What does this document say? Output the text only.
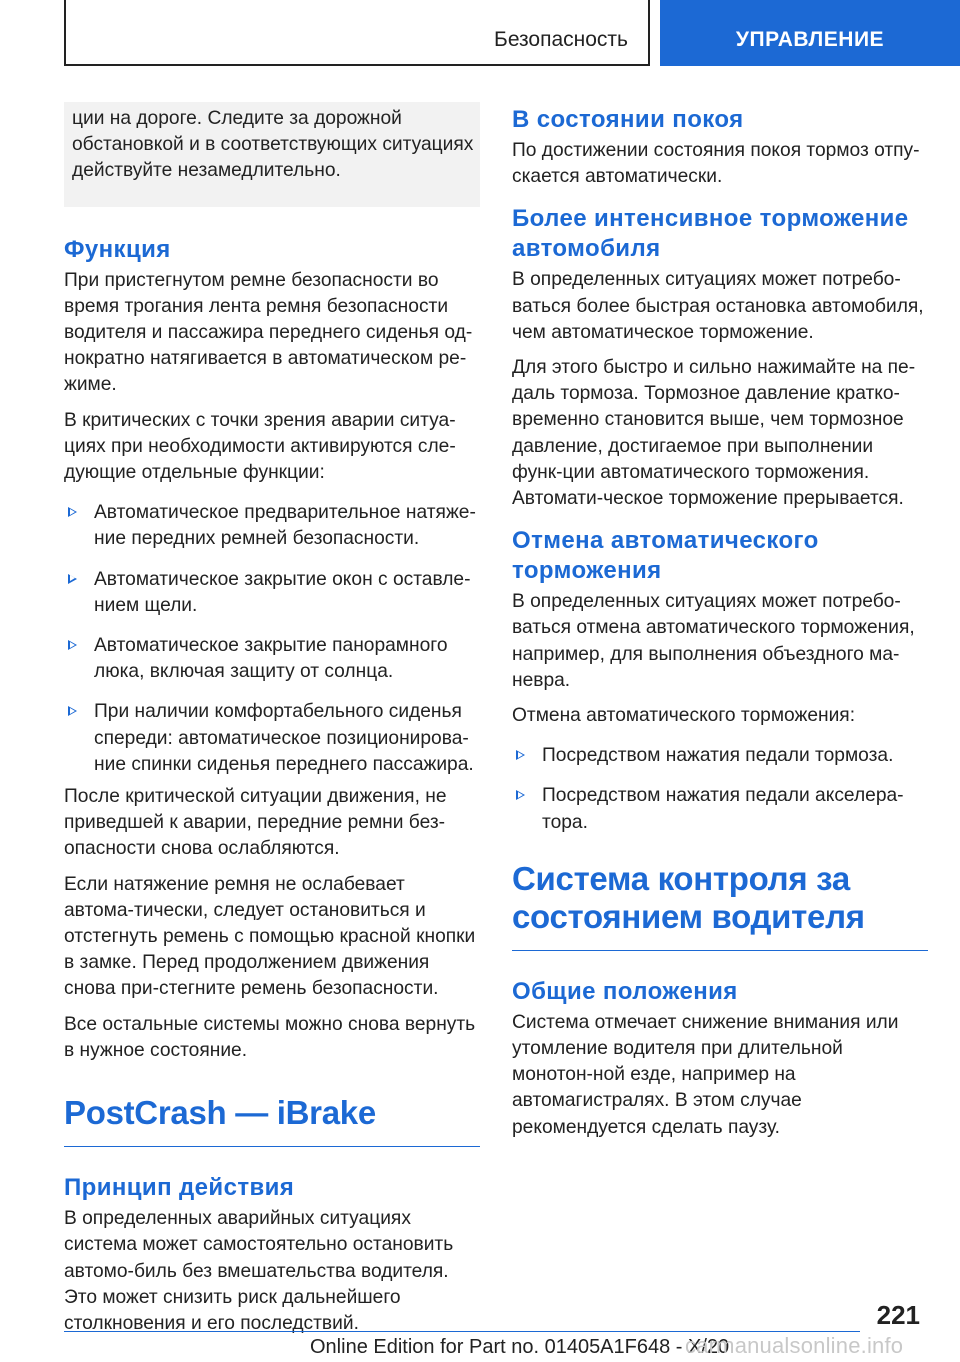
Безопасность	УПРАВЛЕНИЕ

ции на дороге. Следите за дорожной обстановкой и в соответствующих ситуациях действуйте незамедлительно.

Функция

При пристегнутом ремне безопасности во время трогания лента ремня безопасности водителя и пассажира переднего сиденья од-нократно натягивается в автоматическом ре-жиме.

В критических с точки зрения аварии ситуа-циях при необходимости активируются сле-дующие отдельные функции:

Автоматическое предварительное натяже-ние передних ремней безопасности.
Автоматическое закрытие окон с оставле-нием щели.
Автоматическое закрытие панорамного люка, включая защиту от солнца.
При наличии комфортабельного сиденья спереди: автоматическое позиционирова-ние спинки сиденья переднего пассажира.

После критической ситуации движения, не приведшей к аварии, передние ремни без-опасности снова ослабляются.

Если натяжение ремня не ослабевает автома-тически, следует остановиться и отстегнуть ремень с помощью красной кнопки в замке. Перед продолжением движения снова при-стегните ремень безопасности.

Все остальные системы можно снова вернуть в нужное состояние.

PostCrash — iBrake
Принцип действия

В определенных аварийных ситуациях система может самостоятельно остановить автомо-биль без вмешательства водителя. Это может снизить риск дальнейшего столкновения и его последствий.

В состоянии покоя

По достижении состояния покоя тормоз отпу-скается автоматически.

Более интенсивное торможение автомобиля

В определенных ситуациях может потребо-ваться более быстрая остановка автомобиля, чем автоматическое торможение.

Для этого быстро и сильно нажимайте на пе-даль тормоза. Тормозное давление кратко-временно становится выше, чем тормозное давление, достигаемое при выполнении функ-ции автоматического торможения. Автомати-ческое торможение прерывается.

Отмена автоматического торможения

В определенных ситуациях может потребо-ваться отмена автоматического торможения, например, для выполнения объездного ма-невра.

Отмена автоматического торможения:

Посредством нажатия педали тормоза.
Посредством нажатия педали акселера-тора.
Система контроля за состоянием водителя
Общие положения

Система отмечает снижение внимания или утомление водителя при длительной монотон-ной езде, например на автомагистралях. В этом случае рекомендуется сделать паузу.

221
Online Edition for Part no. 01405A1F648 - X/20
carmanualsonline.info
